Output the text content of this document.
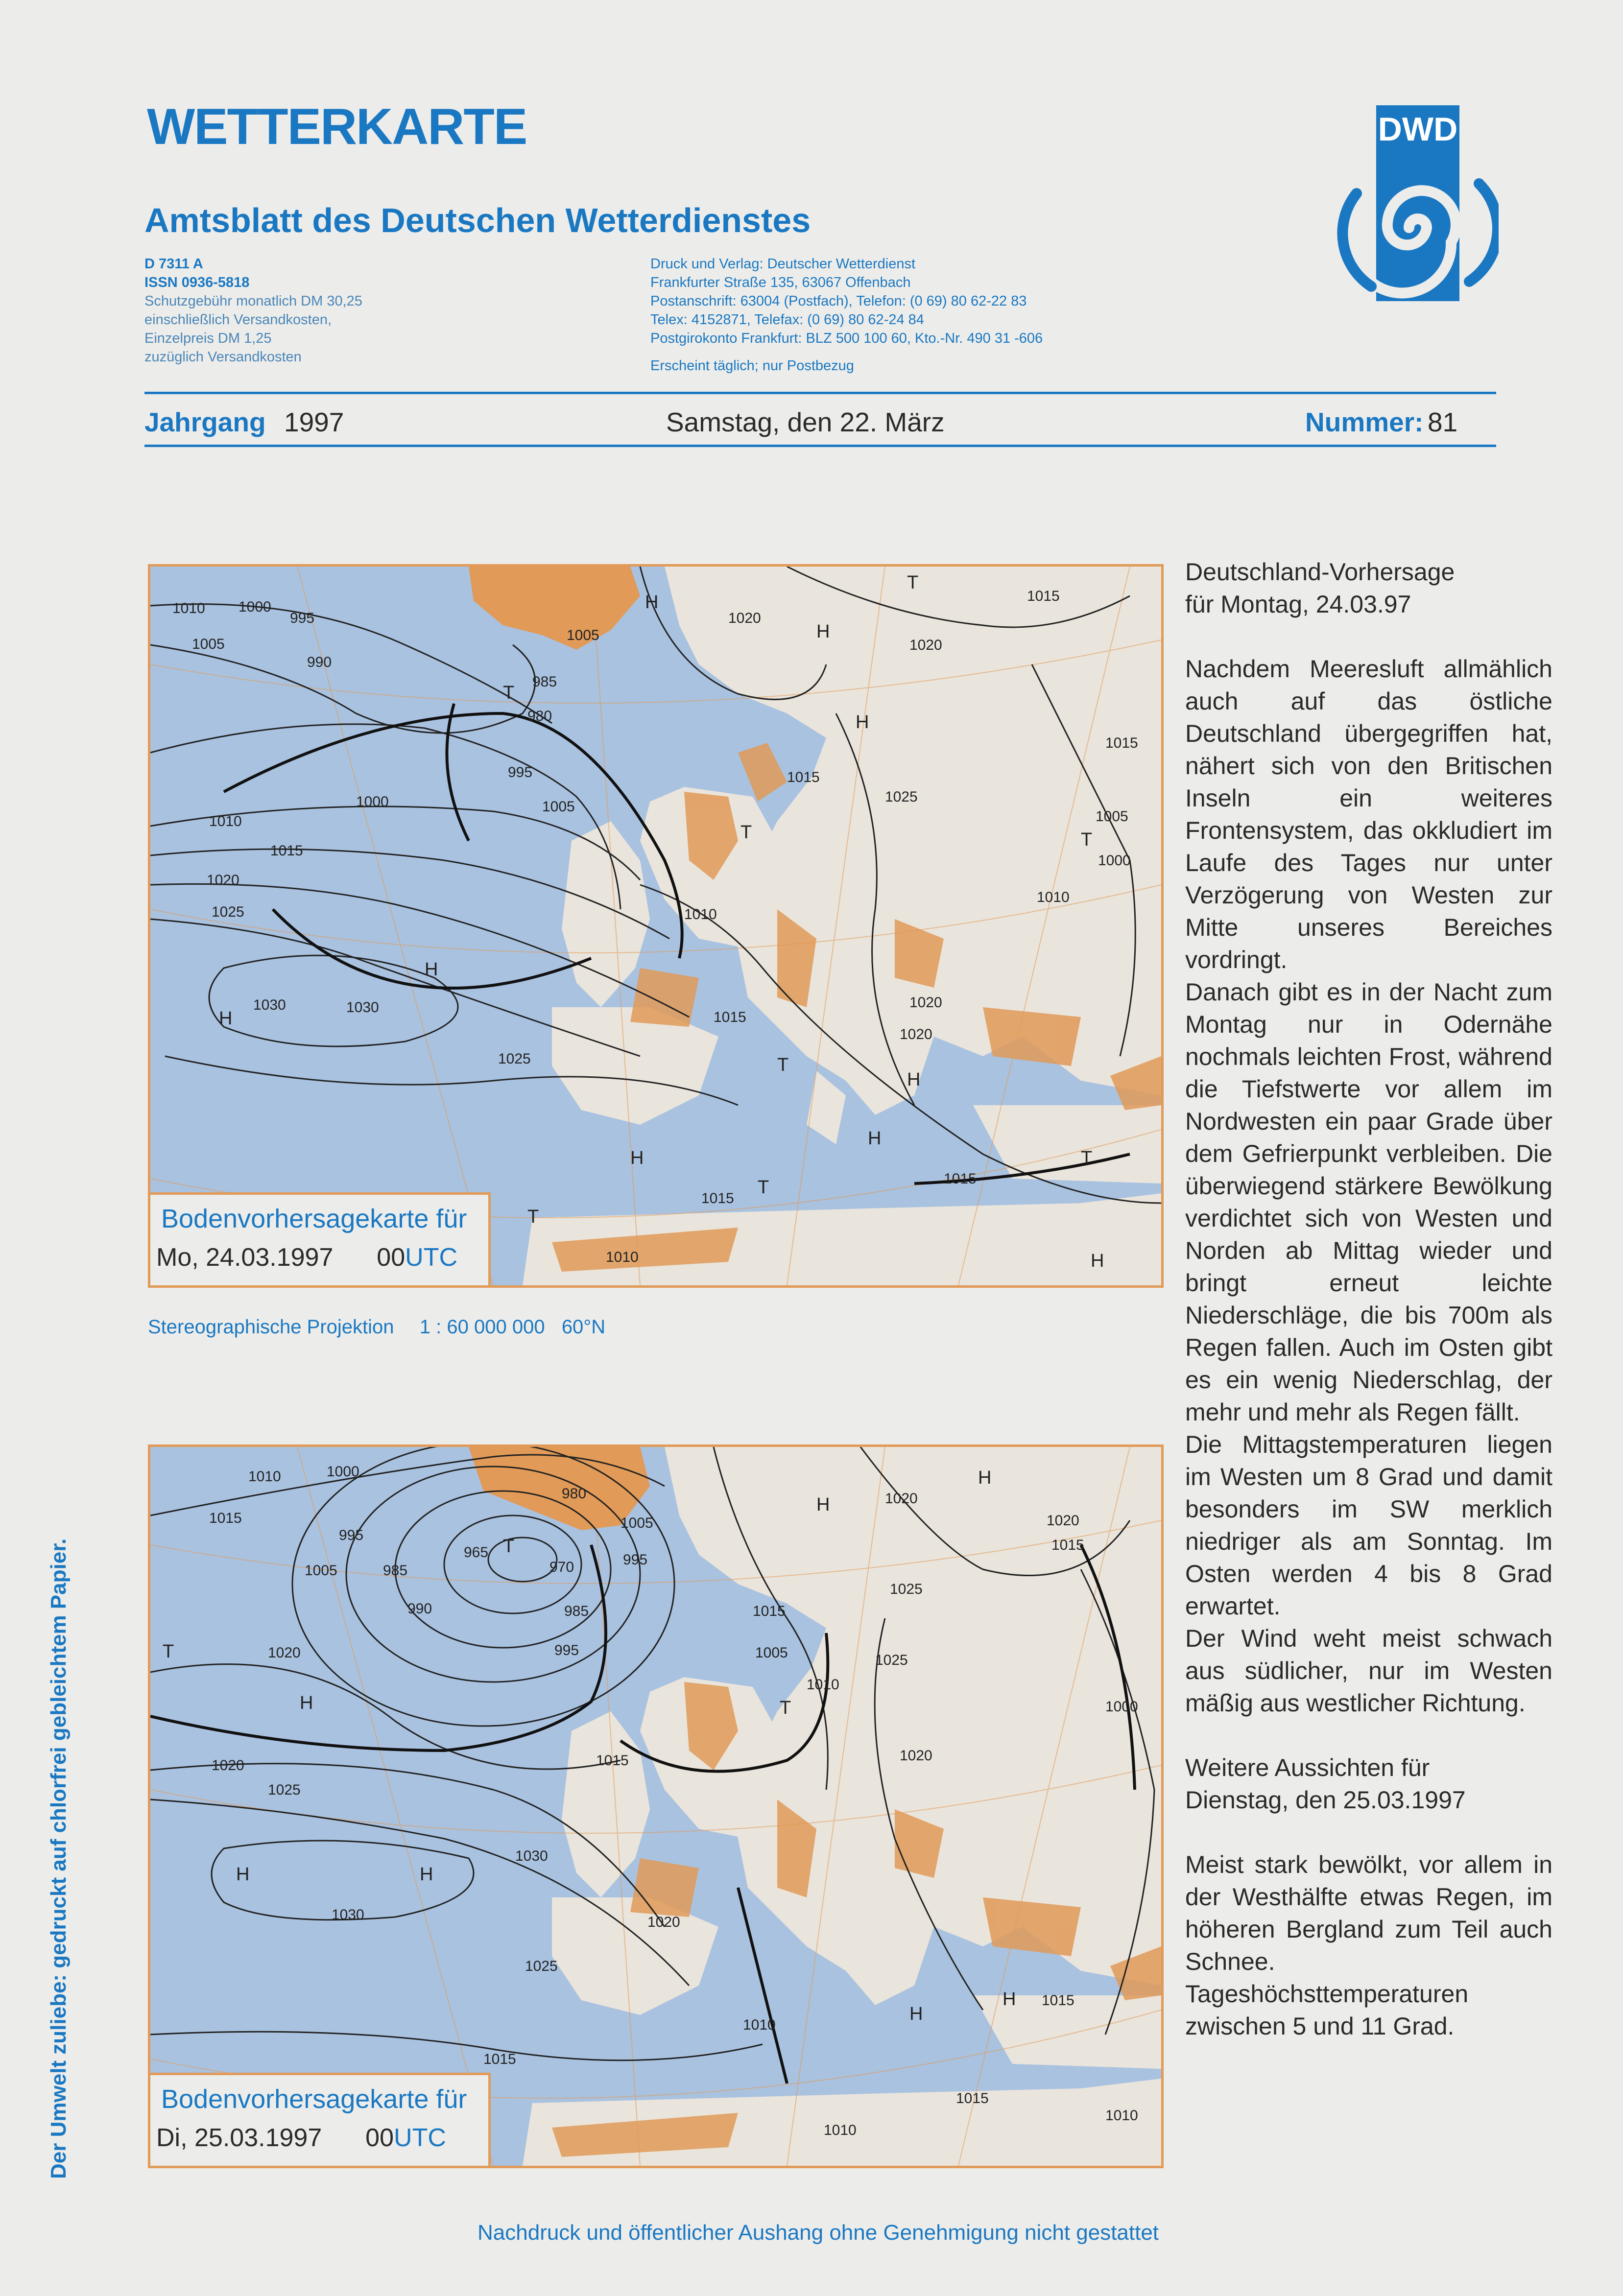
WETTERKARTE
Amtsblatt des Deutschen Wetterdienstes
D 7311 A
ISSN 0936-5818
Schutzgebühr monatlich DM 30,25
einschließlich Versandkosten,
Einzelpreis DM 1,25
zuzüglich Versandkosten
Druck und Verlag: Deutscher Wetterdienst
Frankfurter Straße 135, 63067 Offenbach
Postanschrift: 63004 (Postfach), Telefon: (0 69) 80 62-22 83
Telex: 4152871, Telefax: (0 69) 80 62-24 84
Postgirokonto Frankfurt: BLZ 500 100 60, Kto.-Nr. 490 31 -606
Erscheint täglich; nur Postbezug
DWD
Jahrgang 1997	Samstag, den 22. März	Nummer: 81
1010 1000
995
1005
990
H
1020
H
1020
1015
T
1005
985
980
T
995
1005
1000
1010
1015
1020
1025
H
H
1030	1030
1025
1010
1015
T
1015
1025
H
1020
1020
H
T
H
H
1015
T
1015
T
1010	H
1015
1005
1000
1010
T
T
Bodenvorhersagekarte für
Mo, 24.03.1997 00UTC
Stereographische Projektion 1 : 60 000 000 60°N
1010	1000
1015
995
1005	985
990
965 T
970
980
1005
995
985
995
T	1020
H
1020
1025
H	H
1030
1030
1025
1020
1015
1015
1015
1005
1010
T
H	1020
H
1020
1015
1025
1025
1020
1000
H 1015
1010
1015
1010
H
1010
Bodenvorhersagekarte für
Di, 25.03.1997 00UTC

Deutschland-Vorhersage

für Montag, 24.03.97

Nachdem Meeresluft allmählich auch auf das östliche Deutschland übergegriffen hat, nähert sich von den Britischen Inseln ein weiteres Frontensystem, das okkludiert im Laufe des Tages nur unter Verzögerung von Westen zur Mitte unseres Bereiches vordringt.

Danach gibt es in der Nacht zum Montag nur in Odernähe nochmals leichten Frost, während die Tiefstwerte vor allem im Nordwesten ein paar Grade über dem Gefrierpunkt verbleiben. Die überwiegend stärkere Bewölkung verdichtet sich von Westen und Norden ab Mittag wieder und bringt erneut leichte Niederschläge, die bis 700m als Regen fallen. Auch im Osten gibt es ein wenig Niederschlag, der mehr und mehr als Regen fällt.

Die Mittagstemperaturen liegen im Westen um 8 Grad und damit besonders im SW merklich niedriger als am Sonntag. Im Osten werden 4 bis 8 Grad erwartet.

Der Wind weht meist schwach aus südlicher, nur im Westen mäßig aus westlicher Richtung.

Weitere Aussichten für

Dienstag, den 25.03.1997

Meist stark bewölkt, vor allem in der Westhälfte etwas Regen, im höheren Bergland zum Teil auch Schnee.

Tageshöchsttemperaturen zwischen 5 und 11 Grad.

Der Umwelt zuliebe: gedruckt auf chlorfrei gebleichtem Papier.
Nachdruck und öffentlicher Aushang ohne Genehmigung nicht gestattet
